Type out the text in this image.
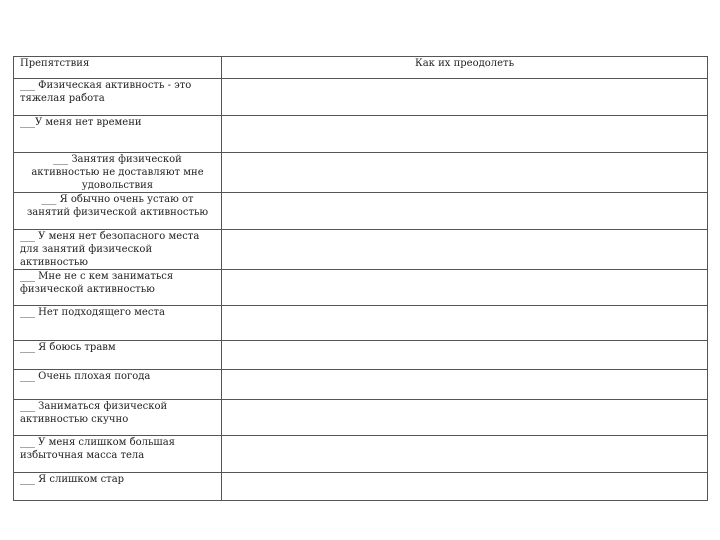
Препятствия	Как их преодолеть
___ Физическая активность - это тяжелая работа	
___У меня нет времени	
___ Занятия физической активностью не доставляют мне удовольствия	
___ Я обычно очень устаю от занятий физической активностью	
___ У меня нет безопасного места для занятий физической активностью	
___ Мне не с кем заниматься физической активностью	
___ Нет подходящего места	
___ Я боюсь травм	
___ Очень плохая погода	
___ Заниматься физической активностью скучно	
___ У меня слишком большая избыточная масса тела	
___ Я слишком стар	
